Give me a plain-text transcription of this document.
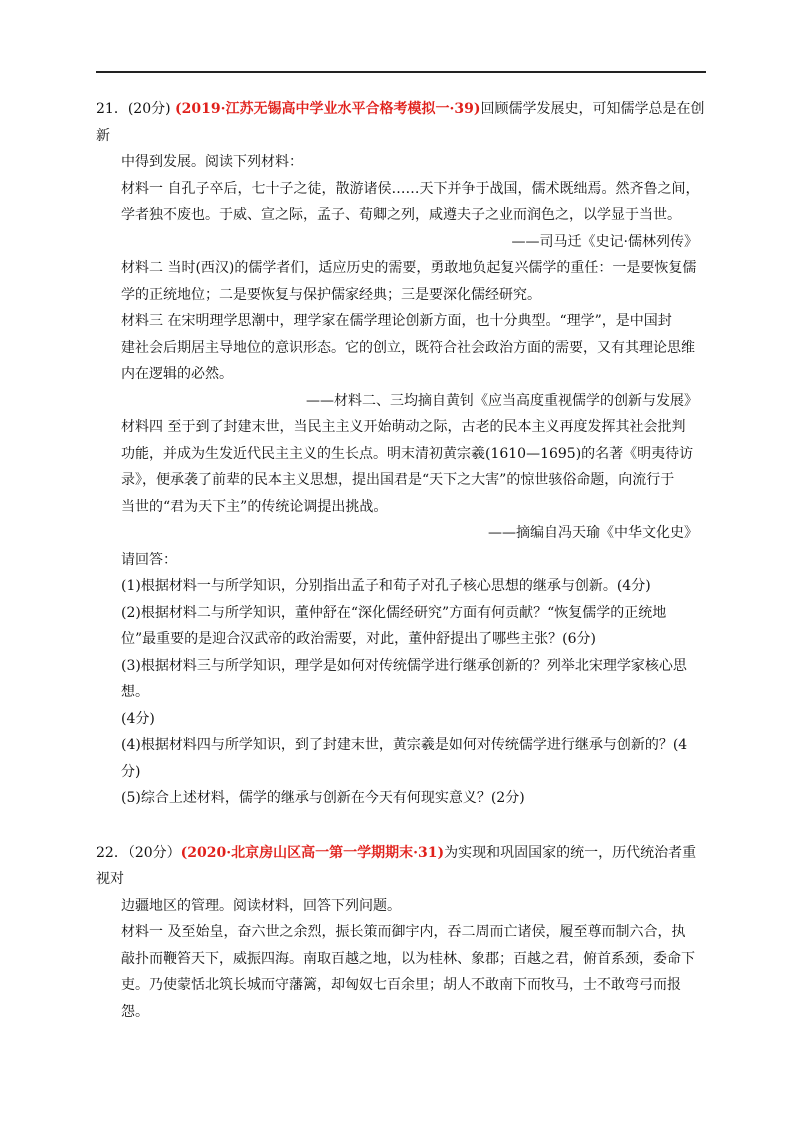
21．(20分) (2019·江苏无锡高中学业水平合格考模拟一·39)回顾儒学发展史，可知儒学总是在创新

中得到发展。阅读下列材料：

材料一 自孔子卒后，七十子之徒，散游诸侯……天下并争于战国，儒术既绌焉。然齐鲁之间，

学者独不废也。于威、宣之际，孟子、荀卿之列，咸遵夫子之业而润色之，以学显于当世。

——司马迁《史记·儒林列传》

材料二 当时(西汉)的儒学者们，适应历史的需要，勇敢地负起复兴儒学的重任：一是要恢复儒

学的正统地位；二是要恢复与保护儒家经典；三是要深化儒经研究。

材料三 在宋明理学思潮中，理学家在儒学理论创新方面，也十分典型。“理学”，是中国封

建社会后期居主导地位的意识形态。它的创立，既符合社会政治方面的需要，又有其理论思维

内在逻辑的必然。

——材料二、三均摘自黄钊《应当高度重视儒学的创新与发展》

材料四 至于到了封建末世，当民主主义开始萌动之际，古老的民本主义再度发挥其社会批判

功能，并成为生发近代民主主义的生长点。明末清初黄宗羲(1610—1695)的名著《明夷待访

录》，便承袭了前辈的民本主义思想，提出国君是“天下之大害”的惊世骇俗命题，向流行于

当世的“君为天下主”的传统论调提出挑战。

——摘编自冯天瑜《中华文化史》

请回答：

(1)根据材料一与所学知识，分别指出孟子和荀子对孔子核心思想的继承与创新。(4分)

(2)根据材料二与所学知识，董仲舒在“深化儒经研究”方面有何贡献？“恢复儒学的正统地

位”最重要的是迎合汉武帝的政治需要，对此，董仲舒提出了哪些主张？(6分)

(3)根据材料三与所学知识，理学是如何对传统儒学进行继承创新的？列举北宋理学家核心思想。

(4分)

(4)根据材料四与所学知识，到了封建末世，黄宗羲是如何对传统儒学进行继承与创新的？(4

分)

(5)综合上述材料，儒学的继承与创新在今天有何现实意义？(2分)

22．（20分）(2020·北京房山区高一第一学期期末·31)为实现和巩固国家的统一，历代统治者重视对

边疆地区的管理。阅读材料，回答下列问题。

材料一 及至始皇，奋六世之余烈，振长策而御宇内，吞二周而亡诸侯，履至尊而制六合，执

敲扑而鞭笞天下，威振四海。南取百越之地，以为桂林、象郡；百越之君，俯首系颈，委命下

吏。乃使蒙恬北筑长城而守藩篱，却匈奴七百余里；胡人不敢南下而牧马，士不敢弯弓而报怨。
